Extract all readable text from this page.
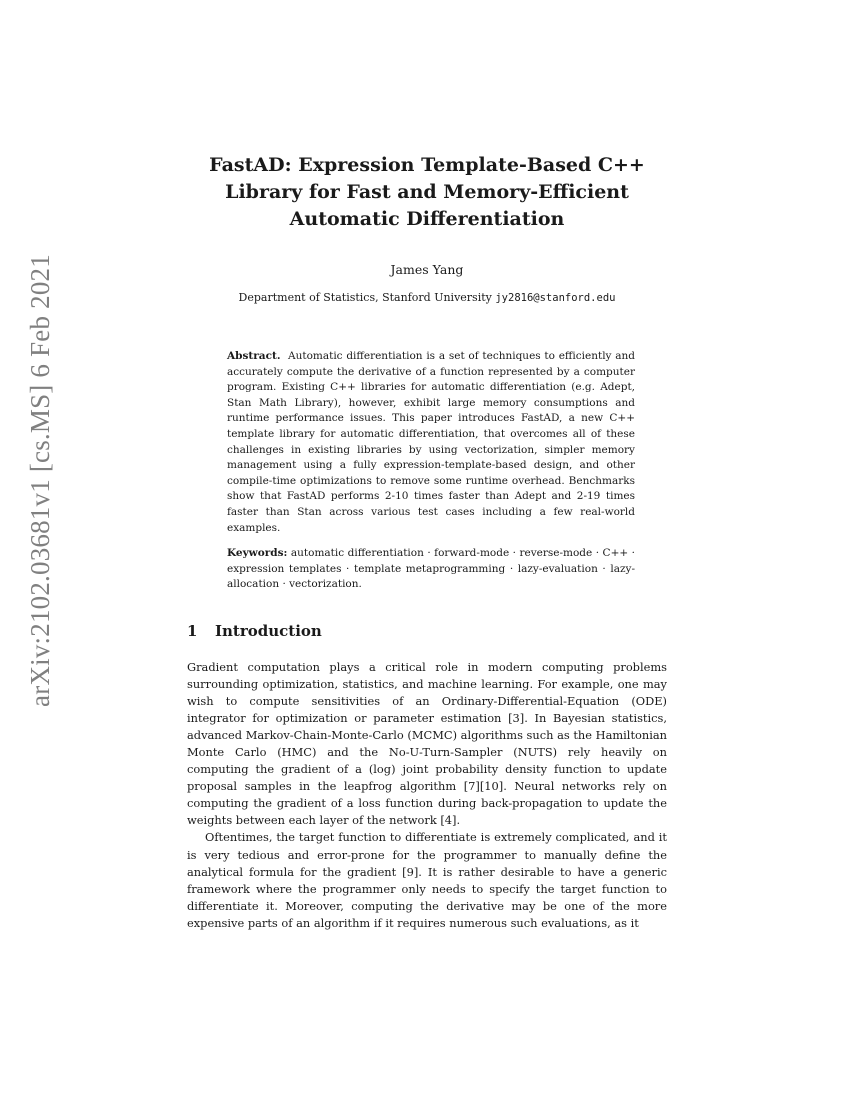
arXiv:2102.03681v1 [cs.MS] 6 Feb 2021
FastAD: Expression Template-Based C++ Library for Fast and Memory-Efficient Automatic Differentiation

James Yang

Department of Statistics, Stanford University jy2816@stanford.edu

Abstract. Automatic differentiation is a set of techniques to efficiently and accurately compute the derivative of a function represented by a computer program. Existing C++ libraries for automatic differentiation (e.g. Adept, Stan Math Library), however, exhibit large memory consumptions and runtime performance issues. This paper introduces FastAD, a new C++ template library for automatic differentiation, that overcomes all of these challenges in existing libraries by using vectorization, simpler memory management using a fully expression-template-based design, and other compile-time optimizations to remove some runtime overhead. Benchmarks show that FastAD performs 2-10 times faster than Adept and 2-19 times faster than Stan across various test cases including a few real-world examples.

Keywords: automatic differentiation · forward-mode · reverse-mode · C++ · expression templates · template metaprogramming · lazy-evaluation · lazy-allocation · vectorization.

1 Introduction

Gradient computation plays a critical role in modern computing problems surrounding optimization, statistics, and machine learning. For example, one may wish to compute sensitivities of an Ordinary-Differential-Equation (ODE) integrator for optimization or parameter estimation [3]. In Bayesian statistics, advanced Markov-Chain-Monte-Carlo (MCMC) algorithms such as the Hamiltonian Monte Carlo (HMC) and the No-U-Turn-Sampler (NUTS) rely heavily on computing the gradient of a (log) joint probability density function to update proposal samples in the leapfrog algorithm [7][10]. Neural networks rely on computing the gradient of a loss function during back-propagation to update the weights between each layer of the network [4].

Oftentimes, the target function to differentiate is extremely complicated, and it is very tedious and error-prone for the programmer to manually define the analytical formula for the gradient [9]. It is rather desirable to have a generic framework where the programmer only needs to specify the target function to differentiate it. Moreover, computing the derivative may be one of the more expensive parts of an algorithm if it requires numerous such evaluations, as it
